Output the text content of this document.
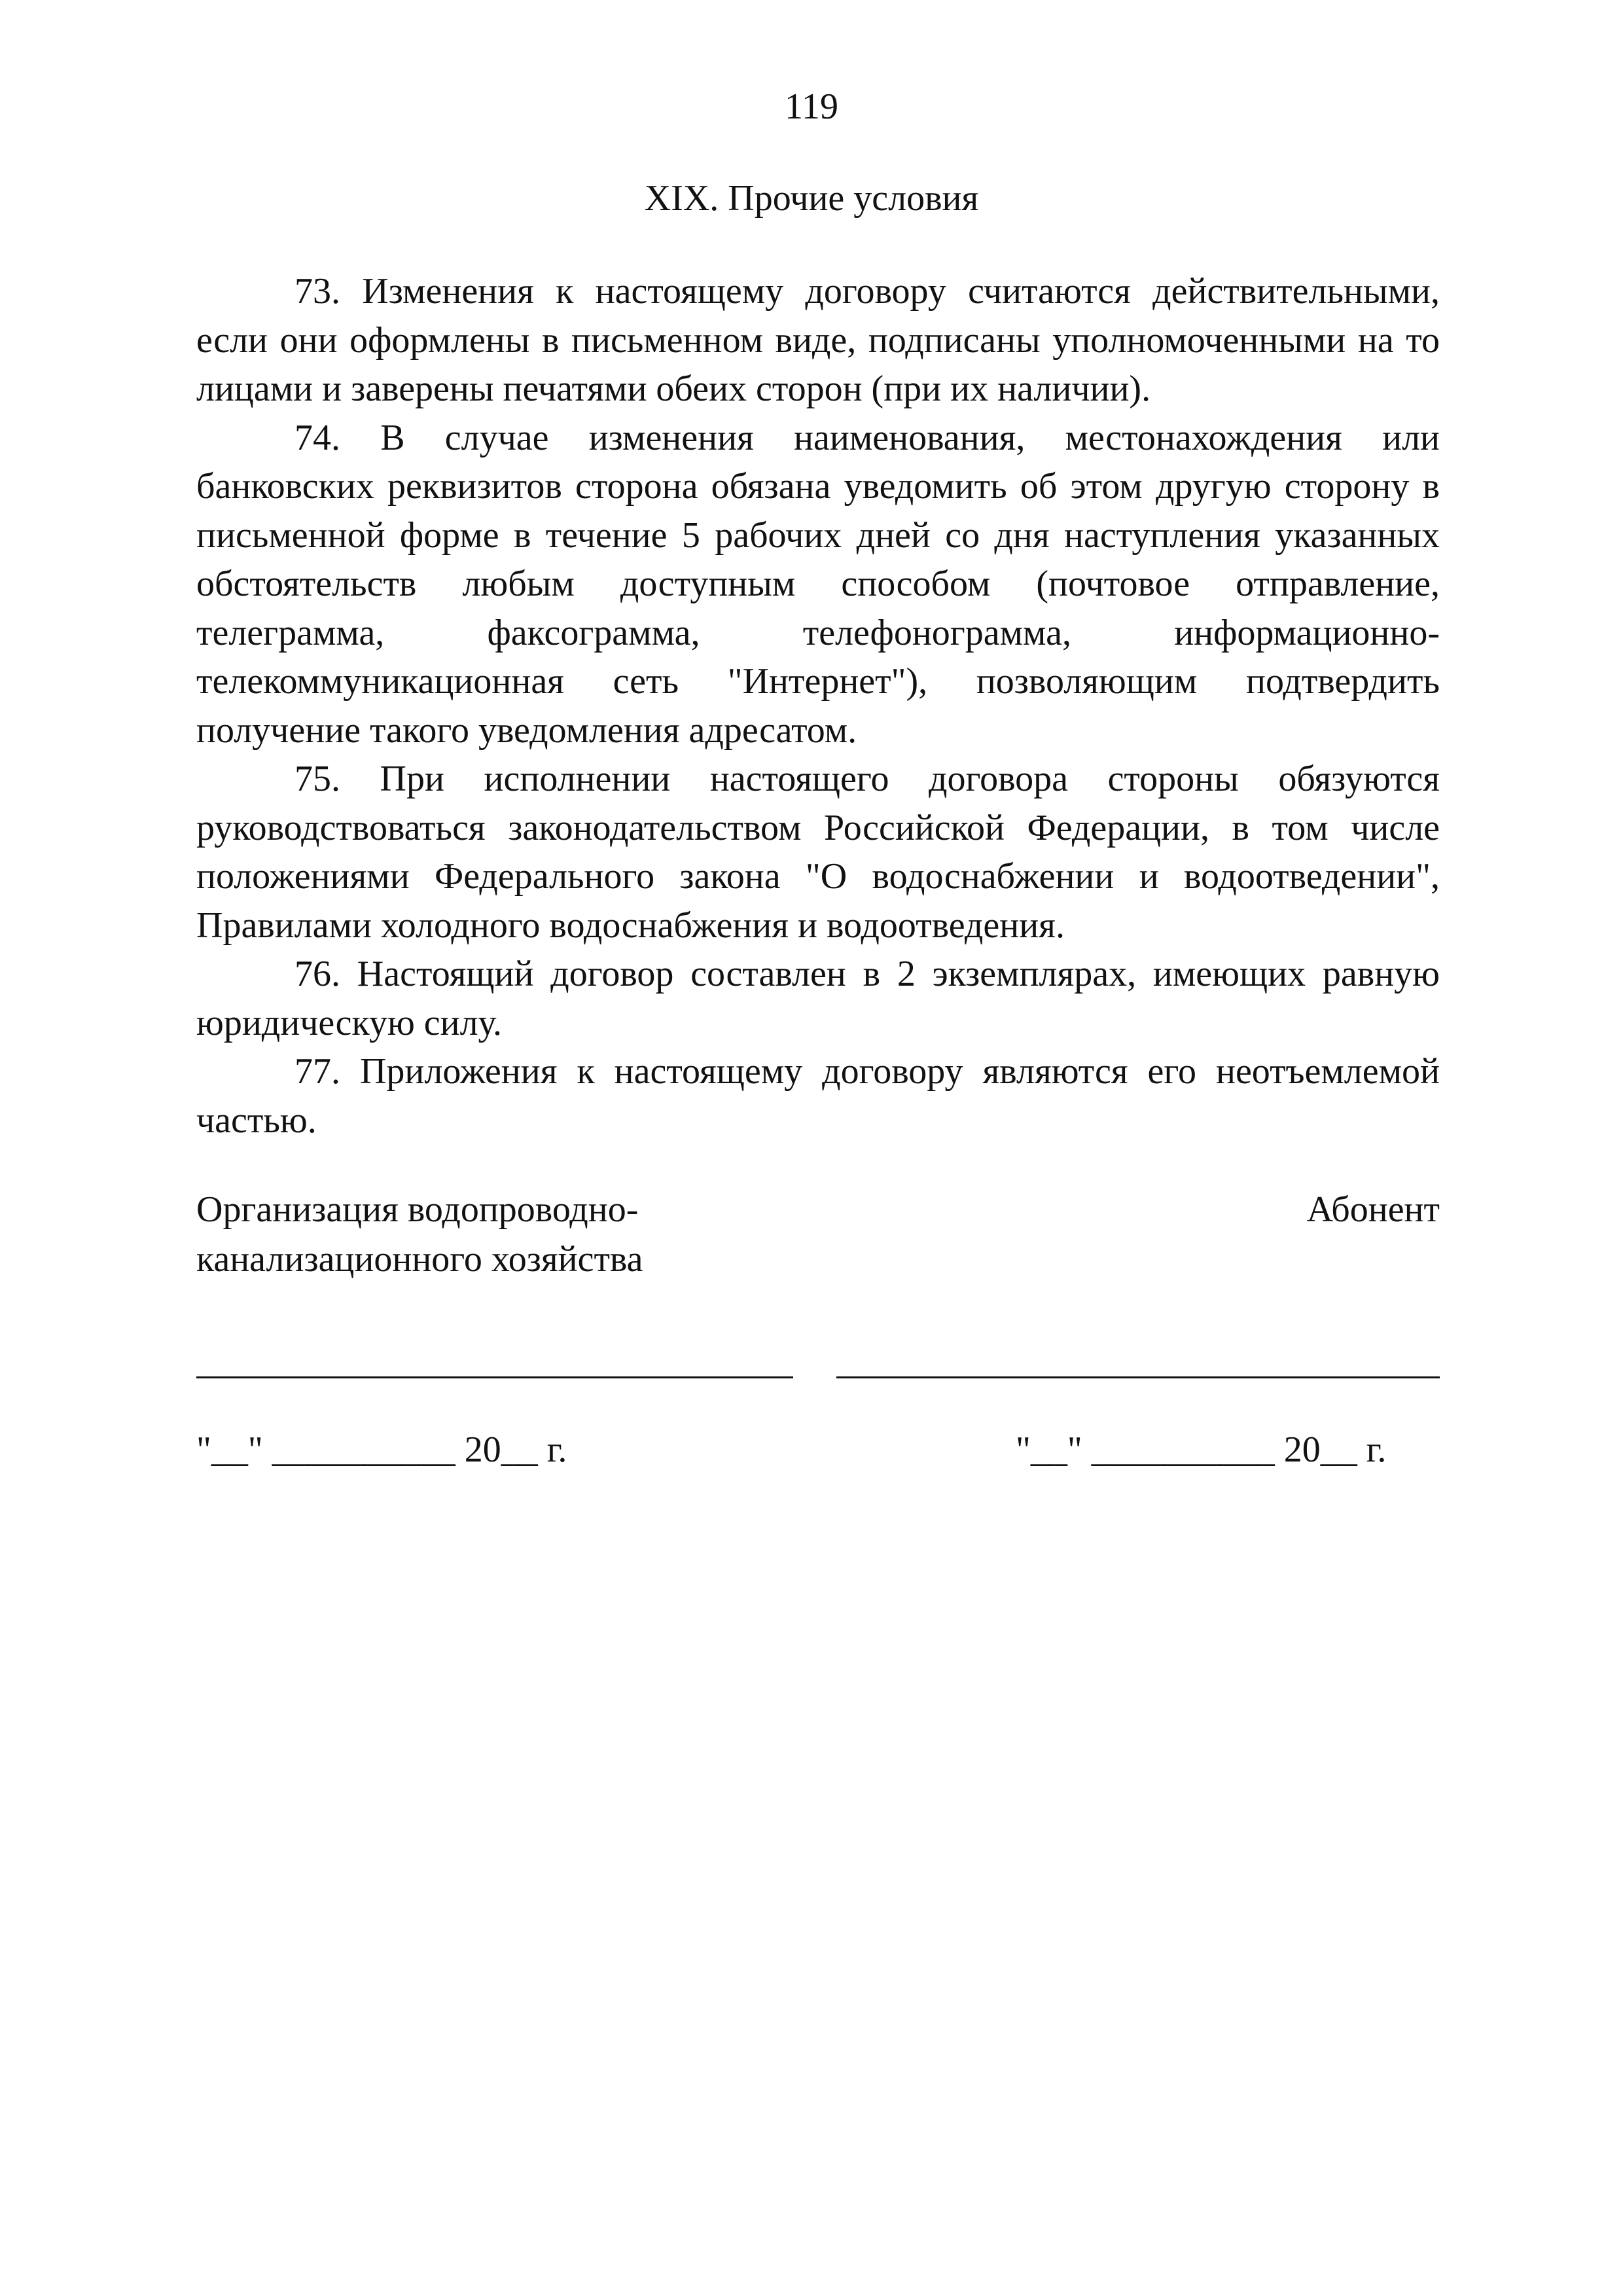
119
XIX. Прочие условия

73. Изменения к настоящему договору считаются действительными, если они оформлены в письменном виде, подписаны уполномоченными на то лицами и заверены печатями обеих сторон (при их наличии).

74. В случае изменения наименования, местонахождения или банковских реквизитов сторона обязана уведомить об этом другую сторону в письменной форме в течение 5 рабочих дней со дня наступления указанных обстоятельств любым доступным способом (почтовое отправление, телеграмма, факсограмма, телефонограмма, информационно-телекоммуникационная сеть "Интернет"), позволяющим подтвердить получение такого уведомления адресатом.

75. При исполнении настоящего договора стороны обязуются руководствоваться законодательством Российской Федерации, в том числе положениями Федерального закона "О водоснабжении и водоотведении", Правилами холодного водоснабжения и водоотведения.

76. Настоящий договор составлен в 2 экземплярах, имеющих равную юридическую силу.

77. Приложения к настоящему договору являются его неотъемлемой частью.

Организация водопроводно-
канализационного хозяйства
Абонент
"__" __________ 20__ г.	"__" __________ 20__ г.
